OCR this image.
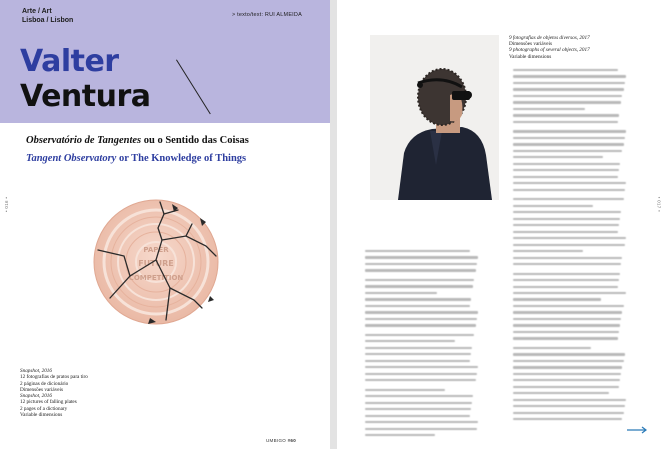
Arte / Art
Lisboa / Lisbon
> texto/text: RUI ALMEIDA
Valter
Ventura
Observatório de Tangentes ou o Sentido das Coisas
Tangent Observatory or The Knowledge of Things
• 016 •
PAPER
FUTURE
COMPETITION
Snapshot, 2016
12 fotografias de pratos para tiro
2 páginas de dicionário
Dimensões variáveis
Snapshot, 2016
12 pictures of falling plates
2 pages of a dictionary
Variable dimensions
UMBIGO #60
9 fotografias de objetos diversos, 2017
Dimensões variáveis
9 photographs of several objects, 2017
Variable dimensions
• 017 •
